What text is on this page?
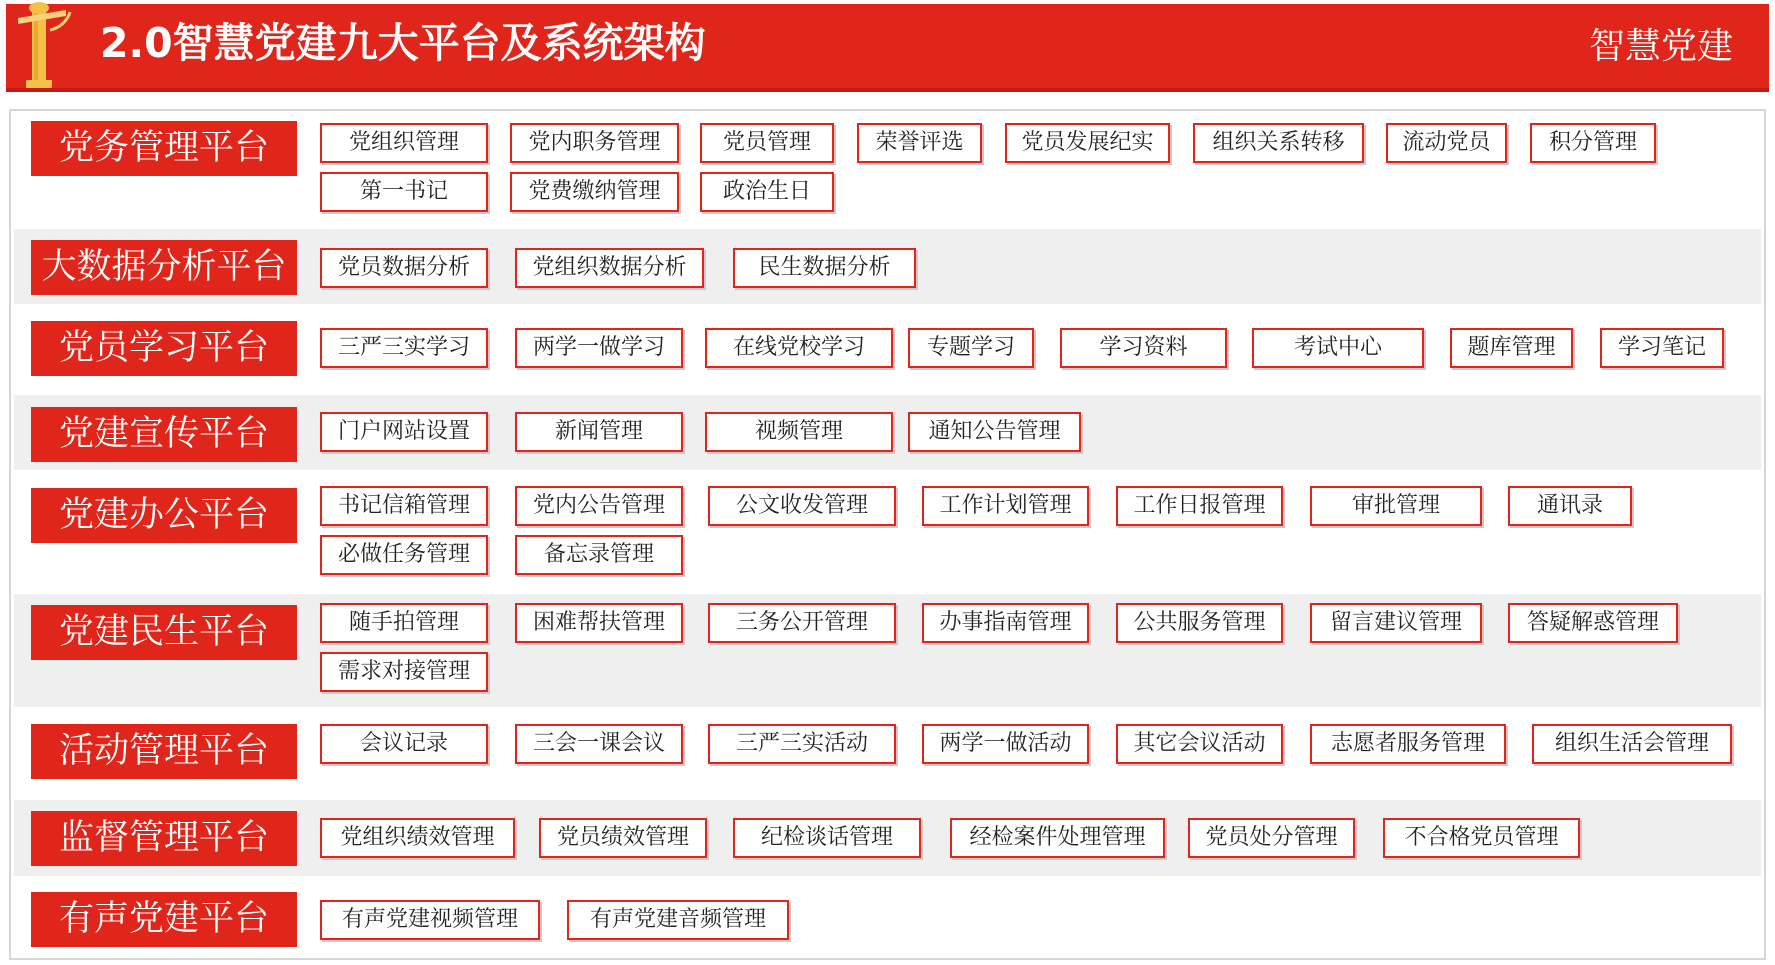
2.0智慧党建九大平台及系统架构	智慧党建
党务管理平台	党组织管理	党内职务管理	党员管理	荣誉评选	党员发展纪实	组织关系转移	流动党员	积分管理
第一书记	党费缴纳管理	政治生日
大数据分析平台	党员数据分析	党组织数据分析	民生数据分析
党员学习平台	三严三实学习	两学一做学习	在线党校学习	专题学习	学习资料	考试中心	题库管理	学习笔记
党建宣传平台	门户网站设置	新闻管理	视频管理	通知公告管理
党建办公平台	书记信箱管理	党内公告管理	公文收发管理	工作计划管理	工作日报管理	审批管理	通讯录
必做任务管理	备忘录管理
党建民生平台	随手拍管理	困难帮扶管理	三务公开管理	办事指南管理	公共服务管理	留言建议管理	答疑解惑管理
需求对接管理
活动管理平台	会议记录	三会一课会议	三严三实活动	两学一做活动	其它会议活动	志愿者服务管理	组织生活会管理
监督管理平台	党组织绩效管理	党员绩效管理	纪检谈话管理	经检案件处理管理	党员处分管理	不合格党员管理
有声党建平台	有声党建视频管理	有声党建音频管理
